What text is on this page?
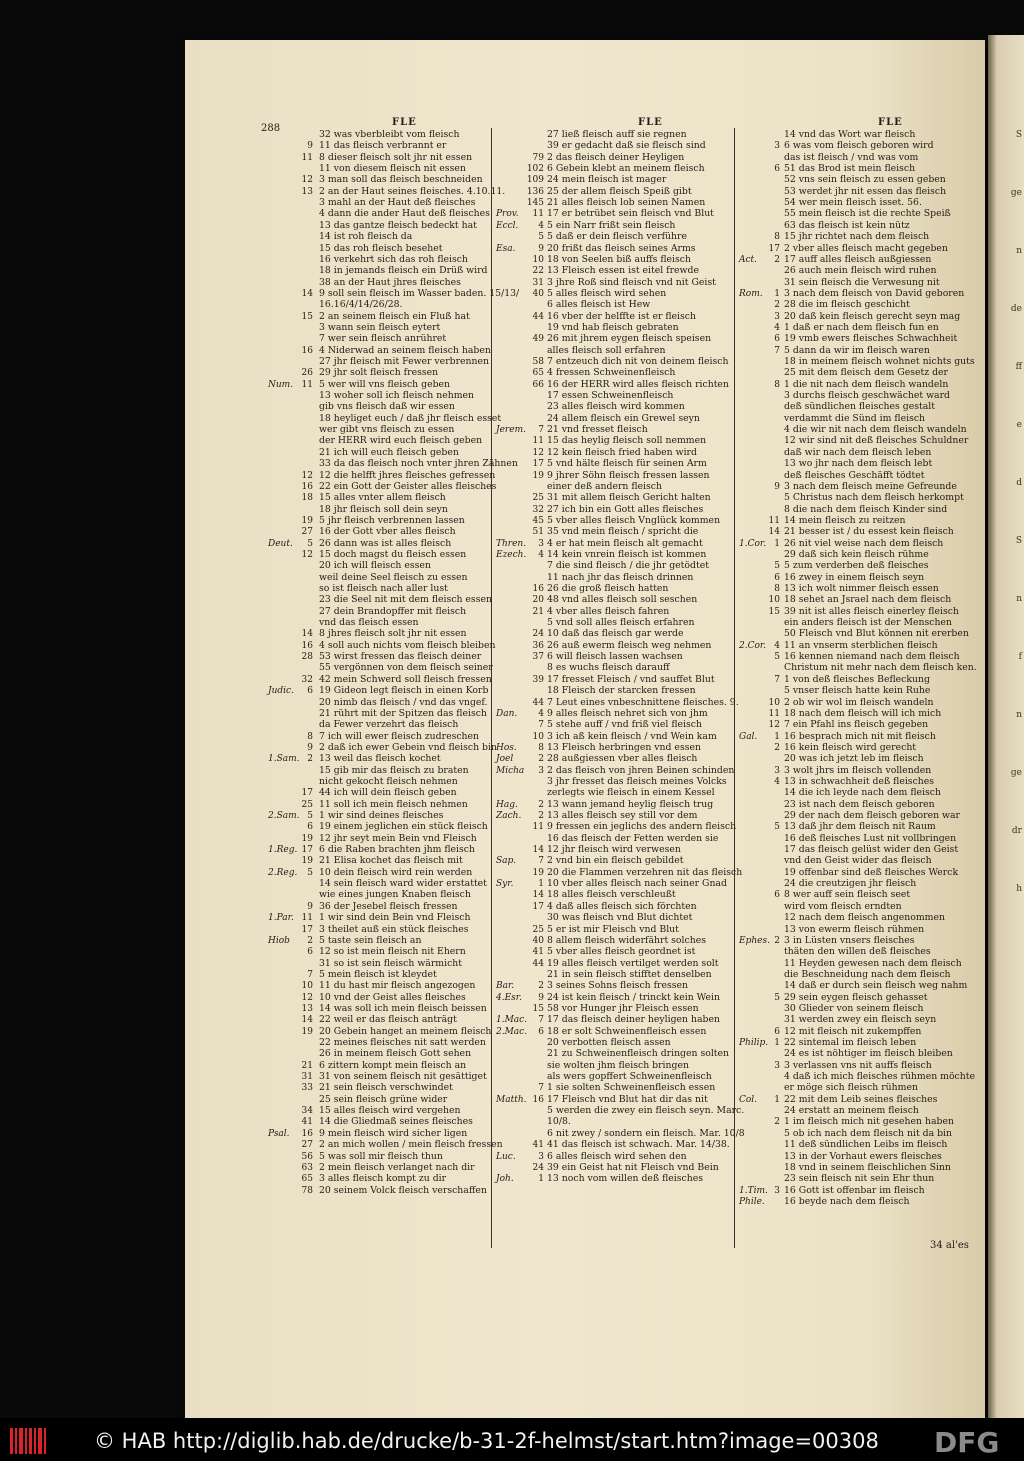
S
ge
n
de
ff
e
d
S
n
f
n
ge
dr
h
288
FLE	FLE	FLE
32 was vberbleibt vom fleisch
9 11 das fleisch verbrannt er
11 8 dieser fleisch solt jhr nit essen
11 von diesem fleisch nit essen
12 3 man soll das fleisch beschneiden
13 2 an der Haut seines fleisches. 4.10.11.
3 mahl an der Haut deß fleisches
4 dann die ander Haut deß fleisches
13 das gantze fleisch bedeckt hat
14 ist roh fleisch da
15 das roh fleisch besehet
16 verkehrt sich das roh fleisch
18 in jemands fleisch ein Drüß wird
38 an der Haut jhres fleisches
14 9 soll sein fleisch im Wasser baden. 15/13/
16.16/4/14/26/28.
15 2 an seinem fleisch ein Fluß hat
3 wann sein fleisch eytert
7 wer sein fleisch anrühret
16 4 Niderwad an seinem fleisch haben
27 jhr fleisch mit Fewer verbrennen
26 29 jhr solt fleisch fressen
Num. 11 5 wer will vns fleisch geben
13 woher soll ich fleisch nehmen
gib vns fleisch daß wir essen
18 heyliget euch / daß jhr fleisch esset
wer gibt vns fleisch zu essen
der HERR wird euch fleisch geben
21 ich will euch fleisch geben
33 da das fleisch noch vnter jhren Zähnen
12 12 die helfft jhres fleisches gefressen
16 22 ein Gott der Geister alles fleisches
18 15 alles vnter allem fleisch
18 jhr fleisch soll dein seyn
19 5 jhr fleisch verbrennen lassen
27 16 der Gott vber alles fleisch
Deut.	5 26 dann was ist alles fleisch
12 15 doch magst du fleisch essen
20 ich will fleisch essen
weil deine Seel fleisch zu essen
so ist fleisch nach aller lust
23 die Seel nit mit dem fleisch essen
27 dein Brandopffer mit fleisch
vnd das fleisch essen
14 8 jhres fleisch solt jhr nit essen
16 4 soll auch nichts vom fleisch bleiben
28 53 wirst fressen das fleisch deiner
55 vergönnen von dem fleisch seiner
32 42 mein Schwerd soll fleisch fressen
Judic.	6 19 Gideon legt fleisch in einen Korb
20 nimb das fleisch / vnd das vngef.
21 rührt mit der Spitzen das fleisch
da Fewer verzehrt das fleisch
8 7 ich will ewer fleisch zudreschen
9 2 daß ich ewer Gebein vnd fleisch bin
1.Sam. 2 13 weil das fleisch kochet
15 gib mir das fleisch zu braten
nicht gekocht fleisch nehmen
17 44 ich will dein fleisch geben
25 11 soll ich mein fleisch nehmen
2.Sam. 5 1 wir sind deines fleisches
6 19 einem jeglichen ein stück fleisch
19 12 jhr seyt mein Bein vnd Fleisch
1.Reg. 17 6 die Raben brachten jhm fleisch
19 21 Elisa kochet das fleisch mit
2.Reg.	5 10 dein fleisch wird rein werden
14 sein fleisch ward wider erstattet
wie eines jungen Knaben fleisch
9 36 der Jesebel fleisch fressen
1.Par. 11 1 wir sind dein Bein vnd Fleisch
17 3 theilet auß ein stück fleisches
Hiob	2 5 taste sein fleisch an
6 12 so ist mein fleisch nit Ehern
31 so ist sein fleisch wärmicht
7 5 mein fleisch ist kleydet
10 11 du hast mir fleisch angezogen
12 10 vnd der Geist alles fleisches
13 14 was soll ich mein fleisch beissen
14 22 weil er das fleisch anträgt
19 20 Gebein hanget an meinem fleisch
22 meines fleisches nit satt werden
26 in meinem fleisch Gott sehen
21 6 zittern kompt mein fleisch an
31 31 von seinem fleisch nit gesättiget
33 21 sein fleisch verschwindet
25 sein fleisch grüne wider
34 15 alles fleisch wird vergehen
41 14 die Gliedmaß seines fleisches
Psal.	16 9 mein fleisch wird sicher ligen
27 2 an mich wollen / mein fleisch fressen
56 5 was soll mir fleisch thun
63 2 mein fleisch verlanget nach dir
65 3 alles fleisch kompt zu dir
78 20 seinem Volck fleisch verschaffen
27 ließ fleisch auff sie regnen
39 er gedacht daß sie fleisch sind
79 2 das fleisch deiner Heyligen
102 6 Gebein klebt an meinem fleisch
109 24 mein fleisch ist mager
136 25 der allem fleisch Speiß gibt
145 21 alles fleisch lob seinen Namen
Prov.	11 17 er betrübet sein fleisch vnd Blut
Eccl.	4 5 ein Narr frißt sein fleisch
5 5 daß er dein fleisch verführe
Esa.	9 20 frißt das fleisch seines Arms
10 18 von Seelen biß auffs fleisch
22 13 Fleisch essen ist eitel frewde
31 3 jhre Roß sind fleisch vnd nit Geist
40 5 alles fleisch wird sehen
6 alles fleisch ist Hew
44 16 vber der helffte ist er fleisch
19 vnd hab fleisch gebraten
49 26 mit jhrem eygen fleisch speisen
alles fleisch soll erfahren
58 7 entzeuch dich nit von deinem fleisch
65 4 fressen Schweinenfleisch
66 16 der HERR wird alles fleisch richten
17 essen Schweinenfleisch
23 alles fleisch wird kommen
24 allem fleisch ein Grewel seyn
Jerem.	7 21 vnd fresset fleisch
11 15 das heylig fleisch soll nemmen
12 12 kein fleisch fried haben wird
17 5 vnd hälte fleisch für seinen Arm
19 9 jhrer Söhn fleisch fressen lassen
einer deß andern fleisch
25 31 mit allem fleisch Gericht halten
32 27 ich bin ein Gott alles fleisches
45 5 vber alles fleisch Vnglück kommen
51 35 vnd mein fleisch / spricht die
Thren.	3 4 er hat mein fleisch alt gemacht
Ezech.	4 14 kein vnrein fleisch ist kommen
7 die sind fleisch / die jhr getödtet
11 nach jhr das fleisch drinnen
16 26 die groß fleisch hatten
20 48 vnd alles fleisch soll seschen
21 4 vber alles fleisch fahren
5 vnd soll alles fleisch erfahren
24 10 daß das fleisch gar werde
36 26 auß ewerm fleisch weg nehmen
37 6 will fleisch lassen wachsen
8 es wuchs fleisch darauff
39 17 fresset Fleisch / vnd sauffet Blut
18 Fleisch der starcken fressen
44 7 Leut eines vnbeschnittene fleisches. 9.
Dan.	4 9 alles fleisch nehret sich von jhm
7 5 stehe auff / vnd friß viel fleisch
10 3 ich aß kein fleisch / vnd Wein kam
Hos.	8 13 Fleisch herbringen vnd essen
Joel	2 28 außgiessen vber alles fleisch
Micha	3 2 das fleisch von jhren Beinen schinden
3 jhr fresset das fleisch meines Volcks
zerlegts wie fleisch in einem Kessel
Hag.	2 13 wann jemand heylig fleisch trug
Zach.	2 13 alles fleisch sey still vor dem
11 9 fressen ein jeglichs des andern fleisch
16 das fleisch der Fetten werden sie
14 12 jhr fleisch wird verwesen
Sap.	7 2 vnd bin ein fleisch gebildet
19 20 die Flammen verzehren nit das fleisch
Syr.	1 10 vber alles fleisch nach seiner Gnad
14 18 alles fleisch verschleußt
17 4 daß alles fleisch sich förchten
30 was fleisch vnd Blut dichtet
25 5 er ist mir Fleisch vnd Blut
40 8 allem fleisch widerfährt solches
41 5 vber alles fleisch geordnet ist
44 19 alles fleisch vertilget werden solt
21 in sein fleisch stifftet denselben
Bar.	2 3 seines Sohns fleisch fressen
4.Esr.	9 24 ist kein fleisch / trinckt kein Wein
15 58 vor Hunger jhr Fleisch essen
1.Mac.	7 17 das fleisch deiner heyligen haben
2.Mac.	6 18 er solt Schweinenfleisch essen
20 verbotten fleisch assen
21 zu Schweinenfleisch dringen solten
sie wolten jhm fleisch bringen
als wers gopffert Schweinenfleisch
7 1 sie solten Schweinenfleisch essen
Matth. 16 17 Fleisch vnd Blut hat dir das nit
5 werden die zwey ein fleisch seyn. Marc.
10/8.
6 nit zwey / sondern ein fleisch. Mar. 10/8
41 41 das fleisch ist schwach. Mar. 14/38.
Luc.	3 6 alles fleisch wird sehen den
24 39 ein Geist hat nit Fleisch vnd Bein
Joh.	1 13 noch vom willen deß fleisches
14 vnd das Wort war fleisch
3 6 was vom fleisch geboren wird
das ist fleisch / vnd was vom
6 51 das Brod ist mein fleisch
52 vns sein fleisch zu essen geben
53 werdet jhr nit essen das fleisch
54 wer mein fleisch isset. 56.
55 mein fleisch ist die rechte Speiß
63 das fleisch ist kein nütz
8 15 jhr richtet nach dem fleisch
17 2 vber alles fleisch macht gegeben
Act.	2 17 auff alles fleisch außgiessen
26 auch mein fleisch wird ruhen
31 sein fleisch die Verwesung nit
Rom.	1 3 nach dem fleisch von David geboren
2 28 die im fleisch geschicht
3 20 daß kein fleisch gerecht seyn mag
4 1 daß er nach dem fleisch fun en
6 19 vmb ewers fleisches Schwachheit
7 5 dann da wir im fleisch waren
18 in meinem fleisch wohnet nichts guts
25 mit dem fleisch dem Gesetz der
8 1 die nit nach dem fleisch wandeln
3 durchs fleisch geschwächet ward
deß sündlichen fleisches gestalt
verdammt die Sünd im fleisch
4 die wir nit nach dem fleisch wandeln
12 wir sind nit deß fleisches Schuldner
daß wir nach dem fleisch leben
13 wo jhr nach dem fleisch lebt
deß fleisches Geschäfft tödtet
9 3 nach dem fleisch meine Gefreunde
5 Christus nach dem fleisch herkompt
8 die nach dem fleisch Kinder sind
11 14 mein fleisch zu reitzen
14 21 besser ist / du essest kein fleisch
1.Cor. 1 26 nit viel weise nach dem fleisch
29 daß sich kein fleisch rühme
5 5 zum verderben deß fleisches
6 16 zwey in einem fleisch seyn
8 13 ich wolt nimmer fleisch essen
10 18 sehet an Jsrael nach dem fleisch
15 39 nit ist alles fleisch einerley fleisch
ein anders fleisch ist der Menschen
50 Fleisch vnd Blut können nit ererben
2.Cor. 4 11 an vnserm sterblichen fleisch
5 16 kennen niemand nach dem fleisch
Christum nit mehr nach dem fleisch ken.
7 1 von deß fleisches Befleckung
5 vnser fleisch hatte kein Ruhe
10 2 ob wir wol im fleisch wandeln
11 18 nach dem fleisch will ich mich
12 7 ein Pfahl ins fleisch gegeben
Gal.	1 16 besprach mich nit mit fleisch
2 16 kein fleisch wird gerecht
20 was ich jetzt leb im fleisch
3 3 wolt jhrs im fleisch vollenden
4 13 in schwachheit deß fleisches
14 die ich leyde nach dem fleisch
23 ist nach dem fleisch geboren
29 der nach dem fleisch geboren war
5 13 daß jhr dem fleisch nit Raum
16 deß fleisches Lust nit vollbringen
17 das fleisch gelüst wider den Geist
vnd den Geist wider das fleisch
19 offenbar sind deß fleisches Werck
24 die creutzigen jhr fleisch
6 8 wer auff sein fleisch seet
wird vom fleisch erndten
12 nach dem fleisch angenommen
13 von ewerm fleisch rühmen
Ephes. 2 3 in Lüsten vnsers fleisches
thäten den willen deß fleisches
11 Heyden gewesen nach dem fleisch
die Beschneidung nach dem fleisch
14 daß er durch sein fleisch weg nahm
5 29 sein eygen fleisch gehasset
30 Glieder von seinem fleisch
31 werden zwey ein fleisch seyn
6 12 mit fleisch nit zukempffen
Philip. 1 22 sintemal im fleisch leben
24 es ist nöhtiger im fleisch bleiben
3 3 verlassen vns nit auffs fleisch
4 daß ich mich fleisches rühmen möchte
er möge sich fleisch rühmen
Col.	1 22 mit dem Leib seines fleisches
24 erstatt an meinem fleisch
2 1 im fleisch mich nit gesehen haben
5 ob ich nach dem fleisch nit da bin
11 deß sündlichen Leibs im fleisch
13 in der Vorhaut ewers fleisches
18 vnd in seinem fleischlichen Sinn
23 sein fleisch nit sein Ehr thun
1.Tim. 3 16 Gott ist offenbar im fleisch
Phile. 16 beyde nach dem fleisch
34 al'es
© HAB http://diglib.hab.de/drucke/b-31-2f-helmst/start.htm?image=00308 DFG
